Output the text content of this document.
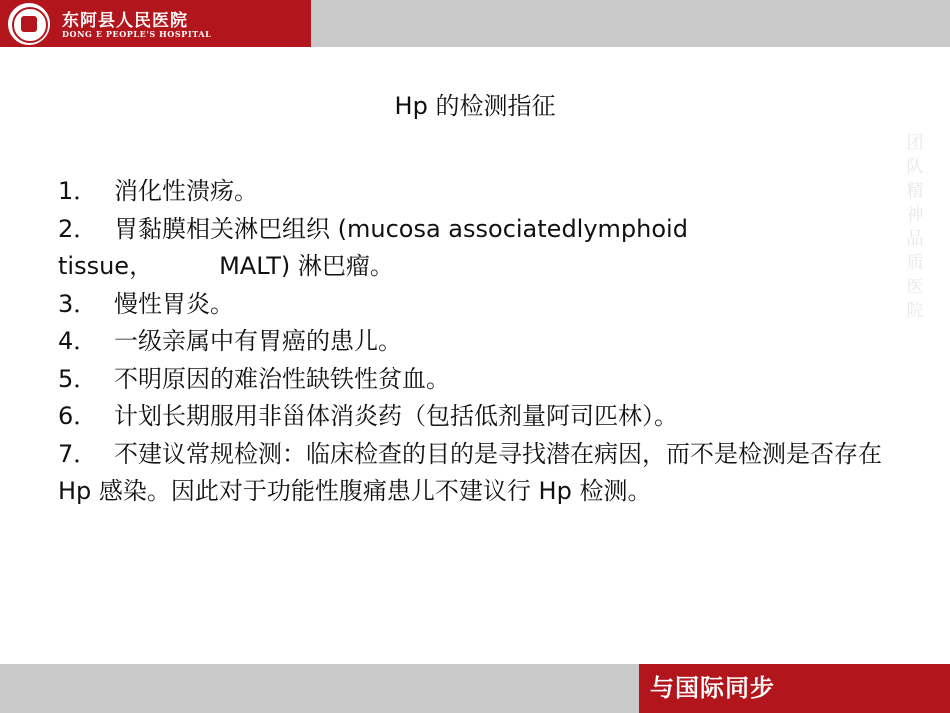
东阿县人民医院
DONG E PEOPLE'S HOSPITAL
Hp 的检测指征

1． 消化性溃疡。

2． 胃黏膜相关淋巴组织 (mucosa associatedlymphoid

tissue，	MALT) 淋巴瘤。

3． 慢性胃炎。

4． 一级亲属中有胃癌的患儿。

5． 不明原因的难治性缺铁性贫血。

6． 计划长期服用非甾体消炎药（包括低剂量阿司匹林）。

7． 不建议常规检测：临床检查的目的是寻找潜在病因，而不是检测是否存在 Hp 感染。因此对于功能性腹痛患儿不建议行 Hp 检测。

团队精神品质医院
与国际同步
